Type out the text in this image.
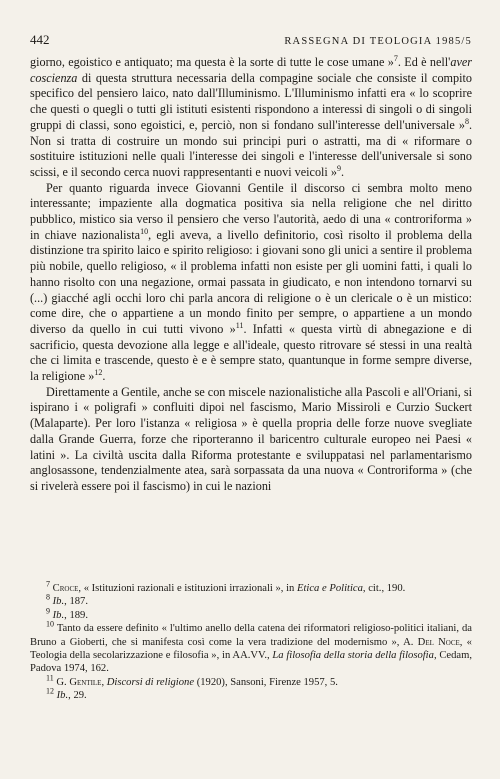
442	RASSEGNA DI TEOLOGIA 1985/5

giorno, egoistico e antiquato; ma questa è la sorte di tutte le cose umane »$^7$. Ed è nell'aver coscienza di questa struttura necessaria della compagine sociale che consiste il compito specifico del pensiero laico, nato dall'Illuminismo. L'Illuminismo infatti era « lo scoprire che questi o quegli o tutti gli istituti esistenti rispondono a interessi di singoli o di singoli gruppi di classi, sono egoistici, e, perciò, non si fondano sull'interesse dell'universale »$^8$. Non si tratta di costruire un mondo sui principi puri o astratti, ma di « riformare o sostituire istituzioni nelle quali l'interesse dei singoli e l'interesse dell'universale si sono scissi, e il secondo cerca nuovi rappresentanti e nuovi veicoli »$^9$.

Per quanto riguarda invece Giovanni Gentile il discorso ci sembra molto meno interessante; impaziente alla dogmatica positiva sia nella religione che nel diritto pubblico, mistico sia verso il pensiero che verso l'autorità, aedo di una « controriforma » in chiave nazionalista$^{10}$, egli aveva, a livello definitorio, così risolto il problema della distinzione tra spirito laico e spirito religioso: i giovani sono gli unici a sentire il problema più nobile, quello religioso, « il problema infatti non esiste per gli uomini fatti, i quali lo hanno risolto con una negazione, ormai passata in giudicato, e non intendono tornarvi su (...) giacché agli occhi loro chi parla ancora di religione o è un clericale o è un mistico: come dire, che o appartiene a un mondo finito per sempre, o appartiene a un mondo diverso da quello in cui tutti vivono »$^{11}$. Infatti « questa virtù di abnegazione e di sacrificio, questa devozione alla legge e all'ideale, questo ritrovare sé stessi in una realtà che ci limita e trascende, questo è e è sempre stato, quantunque in forme sempre diverse, la religione »$^{12}$.

Direttamente a Gentile, anche se con miscele nazionalistiche alla Pascoli e all'Oriani, si ispirano i « poligrafi » confluiti dipoi nel fascismo, Mario Missiroli e Curzio Suckert (Malaparte). Per loro l'istanza « religiosa » è quella propria delle forze nuove svegliate dalla Grande Guerra, forze che riporteranno il baricentro culturale europeo nei Paesi « latini ». La civiltà uscita dalla Riforma protestante e sviluppatasi nel parlamentarismo anglosassone, tendenzialmente atea, sarà sorpassata da una nuova « Controriforma » (che si rivelerà essere poi il fascismo) in cui le nazioni

$^7$ Croce, « Istituzioni razionali e istituzioni irrazionali », in Etica e Politica, cit., 190.

$^8$ Ib., 187.

$^9$ Ib., 189.

$^{10}$ Tanto da essere definito « l'ultimo anello della catena dei riformatori religioso-politici italiani, da Bruno a Gioberti, che si manifesta così come la vera tradizione del modernismo », A. Del Noce, « Teologia della secolarizzazione e filosofia », in AA.VV., La filosofia della storia della filosofia, Cedam, Padova 1974, 162.

$^{11}$ G. Gentile, Discorsi di religione (1920), Sansoni, Firenze 1957, 5.

$^{12}$ Ib., 29.
